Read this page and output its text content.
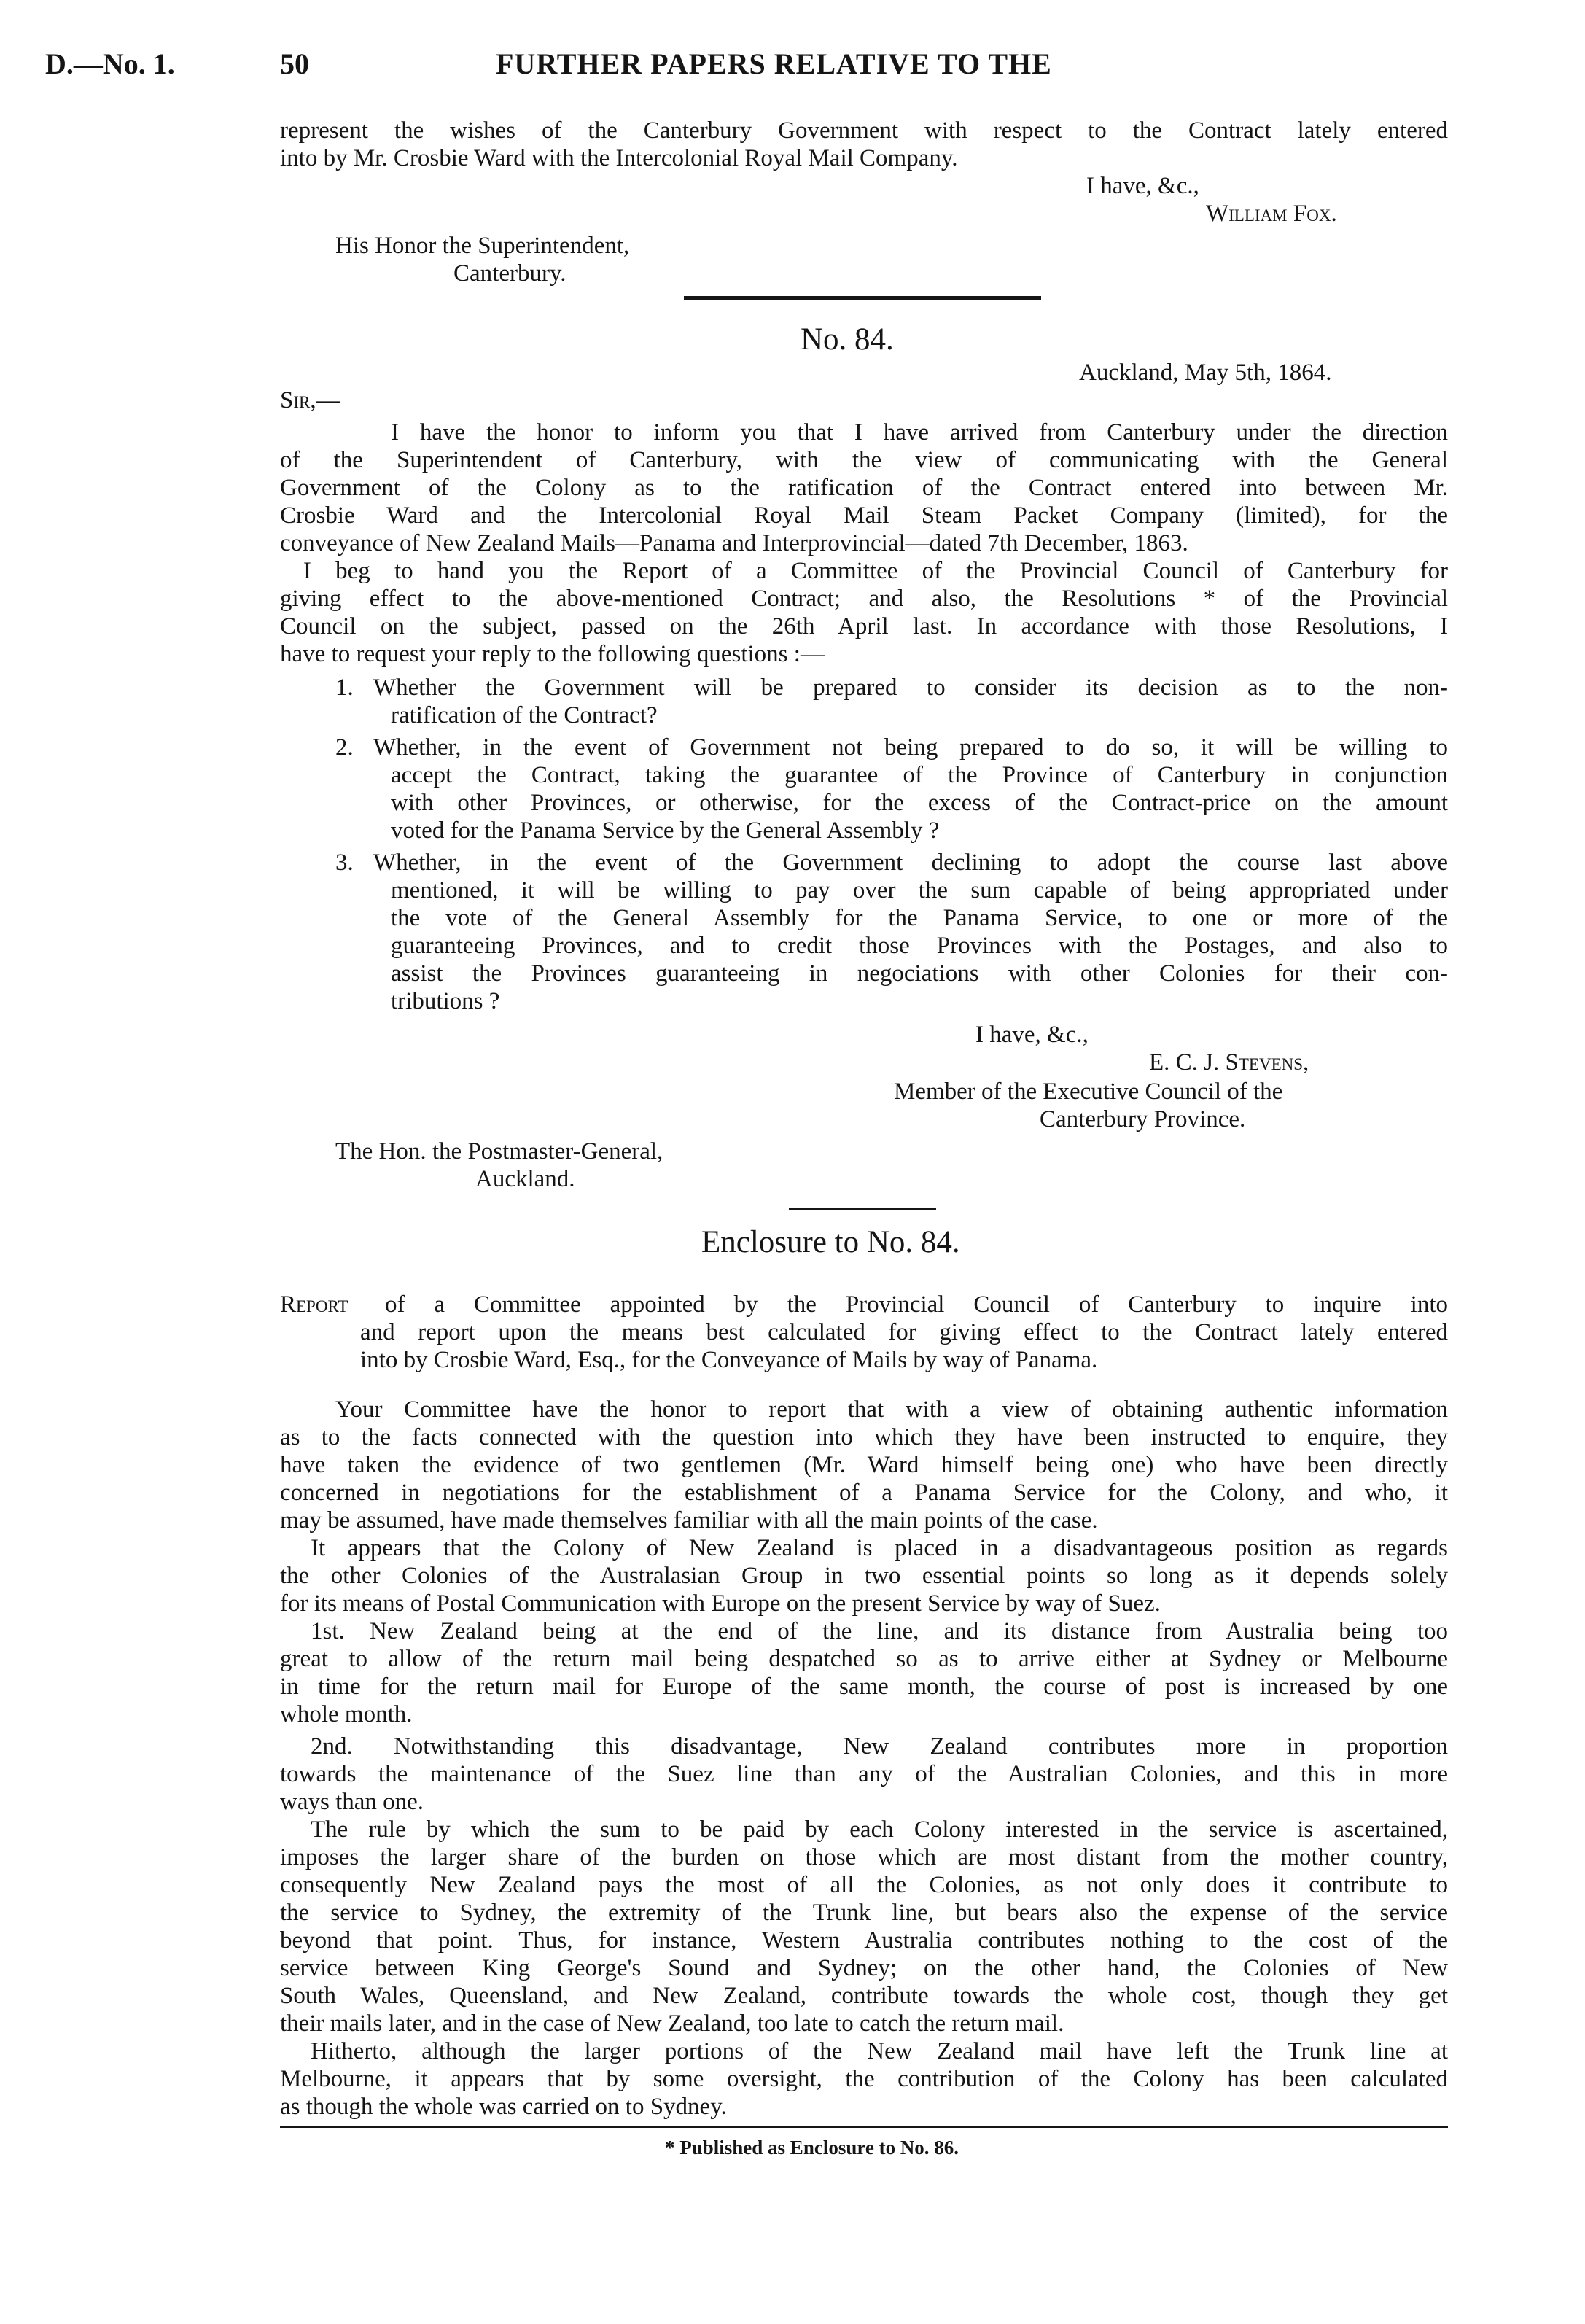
D.—No. 1.	50	FURTHER PAPERS RELATIVE TO THE
represent the wishes of the Canterbury Government with respect to the Contract lately entered
into by Mr. Crosbie Ward with the Intercolonial Royal Mail Company.
I have, &c.,
William Fox.
His Honor the Superintendent,
Canterbury.
No. 84.
Auckland, May 5th, 1864.
Sir,—
I have the honor to inform you that I have arrived from Canterbury under the direction
of the Superintendent of Canterbury, with the view of communicating with the General
Government of the Colony as to the ratification of the Contract entered into between Mr.
Crosbie Ward and the Intercolonial Royal Mail Steam Packet Company (limited), for the
conveyance of New Zealand Mails—Panama and Interprovincial—dated 7th December, 1863.
I beg to hand you the Report of a Committee of the Provincial Council of Canterbury for
giving effect to the above-mentioned Contract; and also, the Resolutions * of the Provincial
Council on the subject, passed on the 26th April last. In accordance with those Resolutions, I
have to request your reply to the following questions :—
1. Whether the Government will be prepared to consider its decision as to the non-
ratification of the Contract?
2. Whether, in the event of Government not being prepared to do so, it will be willing to
accept the Contract, taking the guarantee of the Province of Canterbury in conjunction
with other Provinces, or otherwise, for the excess of the Contract-price on the amount
voted for the Panama Service by the General Assembly ?
3. Whether, in the event of the Government declining to adopt the course last above
mentioned, it will be willing to pay over the sum capable of being appropriated under
the vote of the General Assembly for the Panama Service, to one or more of the
guaranteeing Provinces, and to credit those Provinces with the Postages, and also to
assist the Provinces guaranteeing in negociations with other Colonies for their con-
tributions ?
I have, &c.,
E. C. J. Stevens,
Member of the Executive Council of the
Canterbury Province.
The Hon. the Postmaster-General,
Auckland.
Enclosure to No. 84.
Report of a Committee appointed by the Provincial Council of Canterbury to inquire into
and report upon the means best calculated for giving effect to the Contract lately entered
into by Crosbie Ward, Esq., for the Conveyance of Mails by way of Panama.
Your Committee have the honor to report that with a view of obtaining authentic information
as to the facts connected with the question into which they have been instructed to enquire, they
have taken the evidence of two gentlemen (Mr. Ward himself being one) who have been directly
concerned in negotiations for the establishment of a Panama Service for the Colony, and who, it
may be assumed, have made themselves familiar with all the main points of the case.
It appears that the Colony of New Zealand is placed in a disadvantageous position as regards
the other Colonies of the Australasian Group in two essential points so long as it depends solely
for its means of Postal Communication with Europe on the present Service by way of Suez.
1st. New Zealand being at the end of the line, and its distance from Australia being too
great to allow of the return mail being despatched so as to arrive either at Sydney or Melbourne
in time for the return mail for Europe of the same month, the course of post is increased by one
whole month.
2nd. Notwithstanding this disadvantage, New Zealand contributes more in proportion
towards the maintenance of the Suez line than any of the Australian Colonies, and this in more
ways than one.
The rule by which the sum to be paid by each Colony interested in the service is ascertained,
imposes the larger share of the burden on those which are most distant from the mother country,
consequently New Zealand pays the most of all the Colonies, as not only does it contribute to
the service to Sydney, the extremity of the Trunk line, but bears also the expense of the service
beyond that point. Thus, for instance, Western Australia contributes nothing to the cost of the
service between King George's Sound and Sydney; on the other hand, the Colonies of New
South Wales, Queensland, and New Zealand, contribute towards the whole cost, though they get
their mails later, and in the case of New Zealand, too late to catch the return mail.
Hitherto, although the larger portions of the New Zealand mail have left the Trunk line at
Melbourne, it appears that by some oversight, the contribution of the Colony has been calculated
as though the whole was carried on to Sydney.
* Published as Enclosure to No. 86.
